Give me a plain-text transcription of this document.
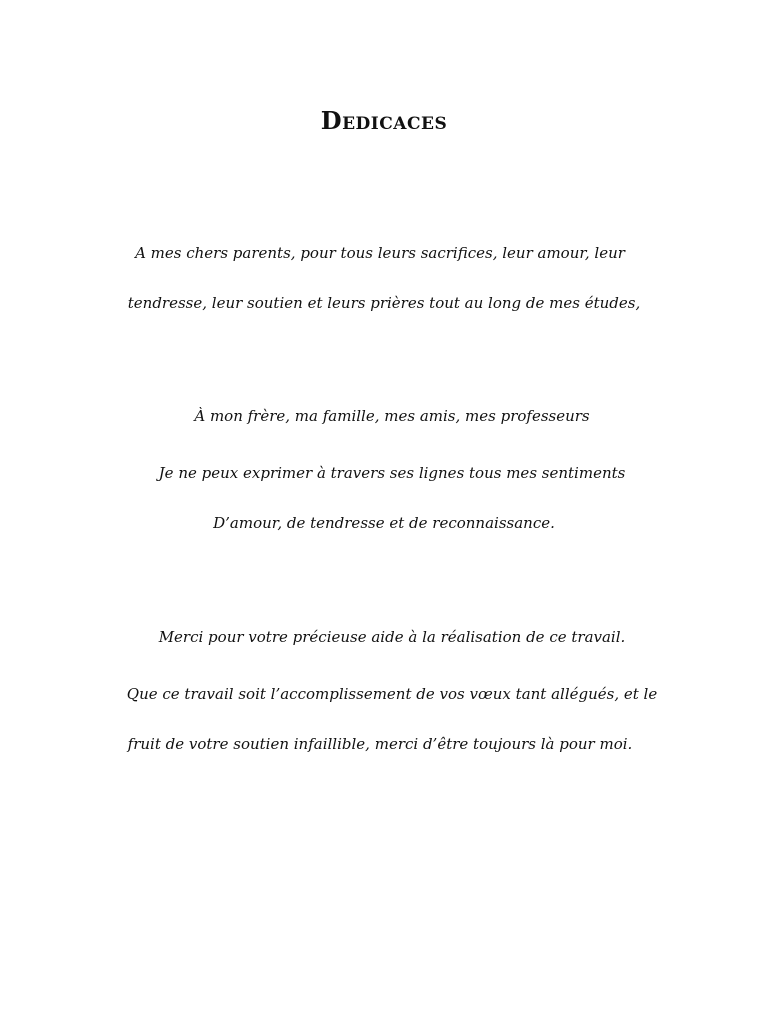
Dedicaces
A mes chers parents, pour tous leurs sacrifices, leur amour, leur
tendresse, leur soutien et leurs prières tout au long de mes études,
À mon frère, ma famille, mes amis, mes professeurs
Je ne peux exprimer à travers ses lignes tous mes sentiments
D’amour, de tendresse et de reconnaissance.
Merci pour votre précieuse aide à la réalisation de ce travail.
Que ce travail soit l’accomplissement de vos vœux tant allégués, et le
fruit de votre soutien infaillible, merci d’être toujours là pour moi.
